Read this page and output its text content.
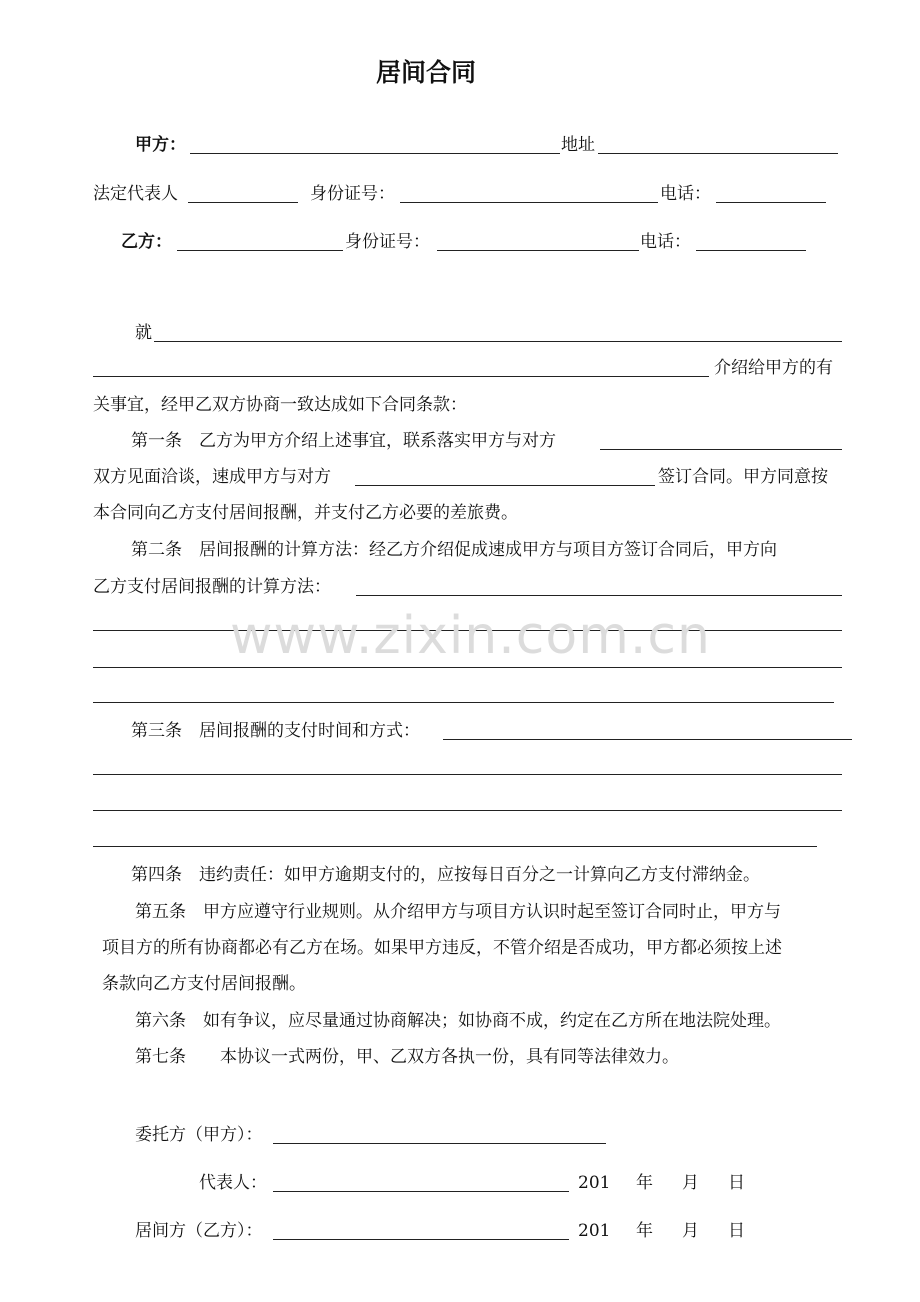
居间合同
甲方：	地址
法定代表人	身份证号：	电话：
乙方：	身份证号：	电话：
就
介绍给甲方的有
关事宜，经甲乙双方协商一致达成如下合同条款：
第一条　乙方为甲方介绍上述事宜，联系落实甲方与对方
双方见面洽谈，速成甲方与对方	签订合同。甲方同意按
本合同向乙方支付居间报酬，并支付乙方必要的差旅费。
第二条　居间报酬的计算方法：经乙方介绍促成速成甲方与项目方签订合同后，甲方向
乙方支付居间报酬的计算方法：
第三条　居间报酬的支付时间和方式：
第四条　违约责任：如甲方逾期支付的，应按每日百分之一计算向乙方支付滞纳金。
第五条　甲方应遵守行业规则。从介绍甲方与项目方认识时起至签订合同时止，甲方与
项目方的所有协商都必有乙方在场。如果甲方违反，不管介绍是否成功，甲方都必须按上述
条款向乙方支付居间报酬。
第六条　如有争议，应尽量通过协商解决；如协商不成，约定在乙方所在地法院处理。
第七条　　本协议一式两份，甲、乙双方各执一份，具有同等法律效力。
委托方（甲方）：
代表人：	201 年 月 日
居间方（乙方）：	201 年 月 日
www.zixin.com.cn
